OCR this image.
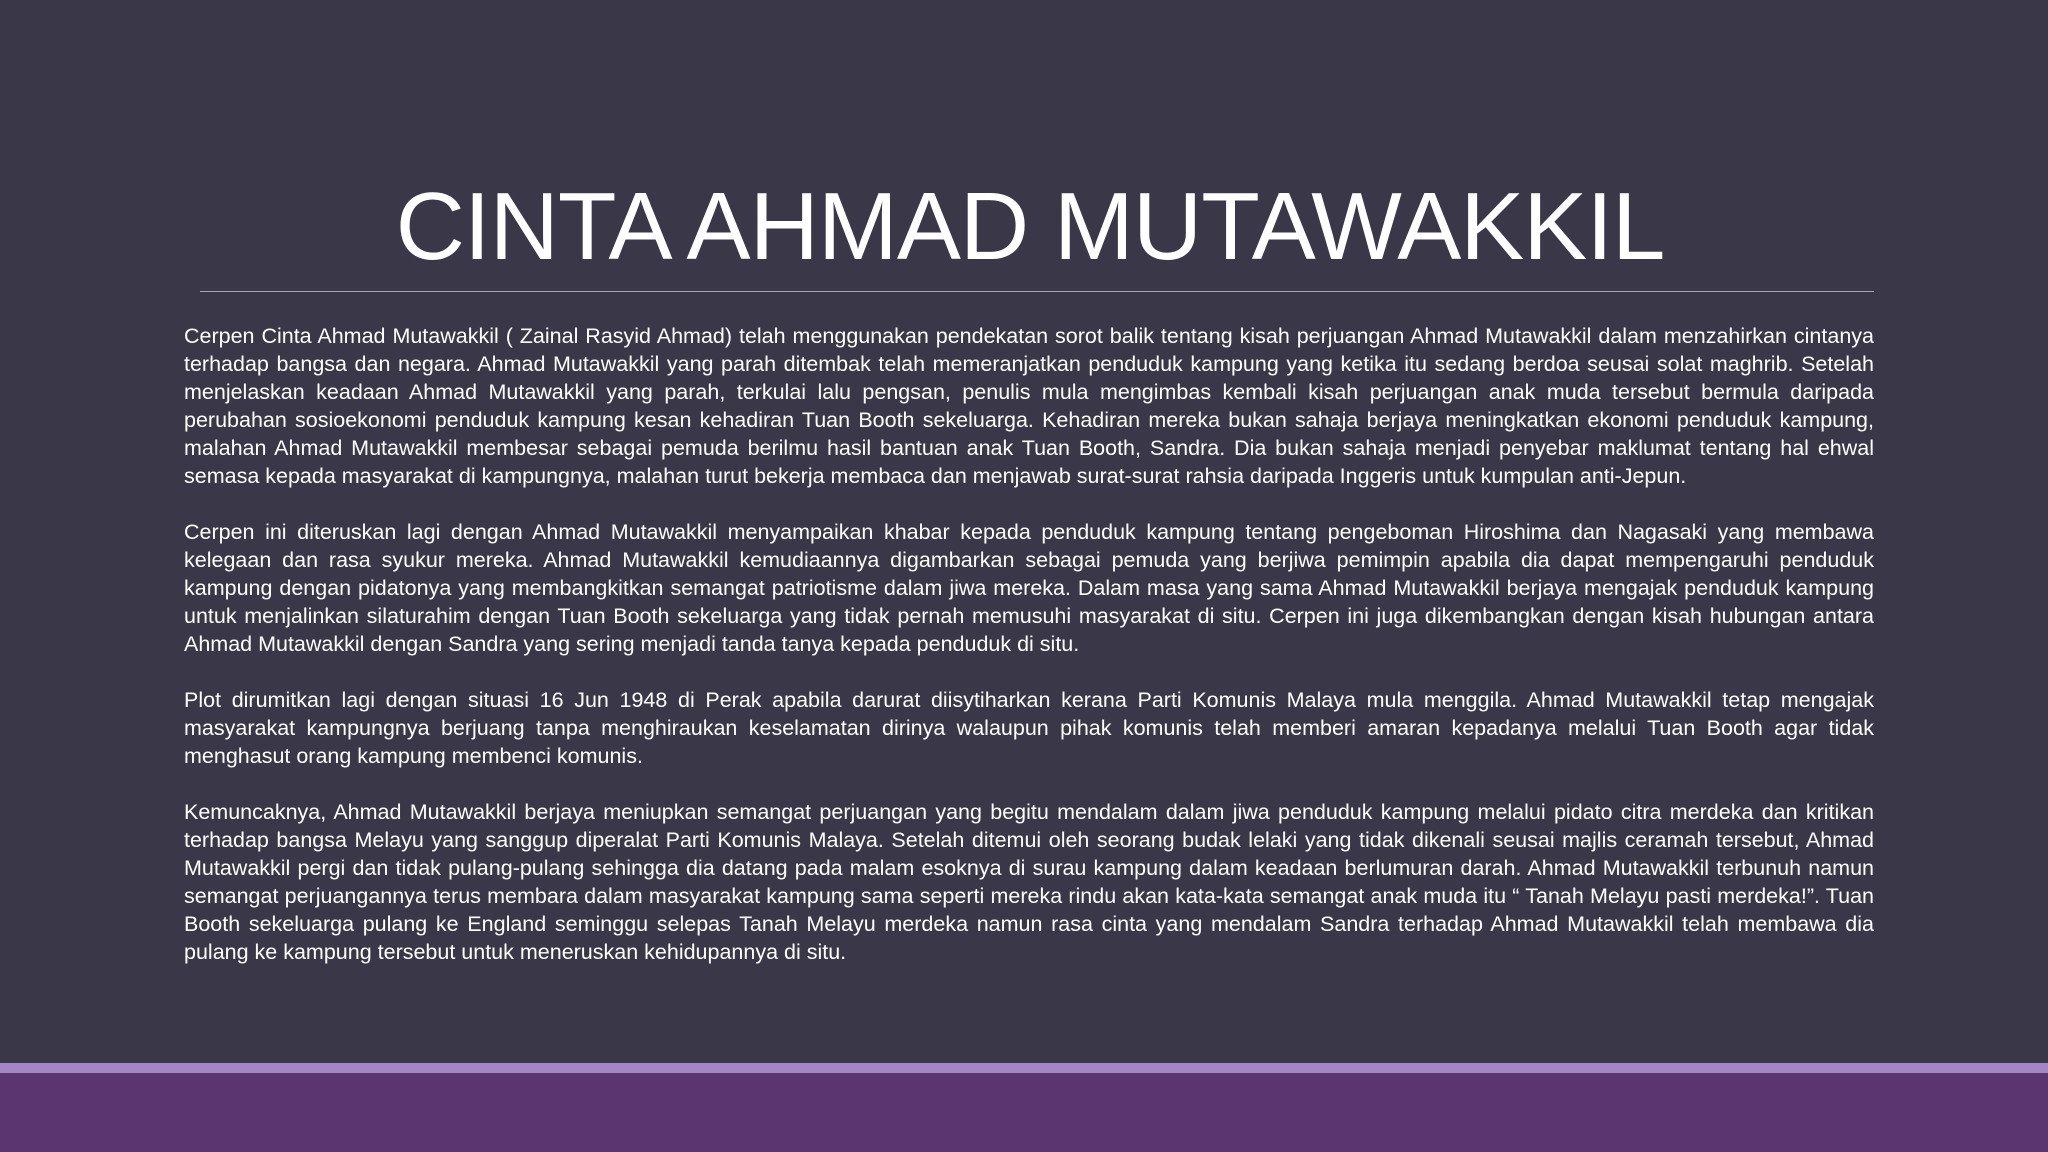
CINTA AHMAD MUTAWAKKIL

Cerpen Cinta Ahmad Mutawakkil ( Zainal Rasyid Ahmad) telah menggunakan pendekatan sorot balik tentang kisah perjuangan Ahmad Mutawakkil dalam menzahirkan cintanya terhadap bangsa dan negara. Ahmad Mutawakkil yang parah ditembak telah memeranjatkan penduduk kampung yang ketika itu sedang berdoa seusai solat maghrib. Setelah menjelaskan keadaan Ahmad Mutawakkil yang parah, terkulai lalu pengsan, penulis mula mengimbas kembali kisah perjuangan anak muda tersebut bermula daripada perubahan sosioekonomi penduduk kampung kesan kehadiran Tuan Booth sekeluarga. Kehadiran mereka bukan sahaja berjaya meningkatkan ekonomi penduduk kampung, malahan Ahmad Mutawakkil membesar sebagai pemuda berilmu hasil bantuan anak Tuan Booth, Sandra. Dia bukan sahaja menjadi penyebar maklumat tentang hal ehwal semasa kepada masyarakat di kampungnya, malahan turut bekerja membaca dan menjawab surat-surat rahsia daripada Inggeris untuk kumpulan anti-Jepun.

Cerpen ini diteruskan lagi dengan Ahmad Mutawakkil menyampaikan khabar kepada penduduk kampung tentang pengeboman Hiroshima dan Nagasaki yang membawa kelegaan dan rasa syukur mereka. Ahmad Mutawakkil kemudiaannya digambarkan sebagai pemuda yang berjiwa pemimpin apabila dia dapat mempengaruhi penduduk kampung dengan pidatonya yang membangkitkan semangat patriotisme dalam jiwa mereka. Dalam masa yang sama Ahmad Mutawakkil berjaya mengajak penduduk kampung untuk menjalinkan silaturahim dengan Tuan Booth sekeluarga yang tidak pernah memusuhi masyarakat di situ. Cerpen ini juga dikembangkan dengan kisah hubungan antara Ahmad Mutawakkil dengan Sandra yang sering menjadi tanda tanya kepada penduduk di situ.

Plot dirumitkan lagi dengan situasi 16 Jun 1948 di Perak apabila darurat diisytiharkan kerana Parti Komunis Malaya mula menggila. Ahmad Mutawakkil tetap mengajak masyarakat kampungnya berjuang tanpa menghiraukan keselamatan dirinya walaupun pihak komunis telah memberi amaran kepadanya melalui Tuan Booth agar tidak menghasut orang kampung membenci komunis.

Kemuncaknya, Ahmad Mutawakkil berjaya meniupkan semangat perjuangan yang begitu mendalam dalam jiwa penduduk kampung melalui pidato citra merdeka dan kritikan terhadap bangsa Melayu yang sanggup diperalat Parti Komunis Malaya. Setelah ditemui oleh seorang budak lelaki yang tidak dikenali seusai majlis ceramah tersebut, Ahmad Mutawakkil pergi dan tidak pulang-pulang sehingga dia datang pada malam esoknya di surau kampung dalam keadaan berlumuran darah. Ahmad Mutawakkil terbunuh namun semangat perjuangannya terus membara dalam masyarakat kampung sama seperti mereka rindu akan kata-kata semangat anak muda itu “ Tanah Melayu pasti merdeka!”. Tuan Booth sekeluarga pulang ke England seminggu selepas Tanah Melayu merdeka namun rasa cinta yang mendalam Sandra terhadap Ahmad Mutawakkil telah membawa dia pulang ke kampung tersebut untuk meneruskan kehidupannya di situ.
